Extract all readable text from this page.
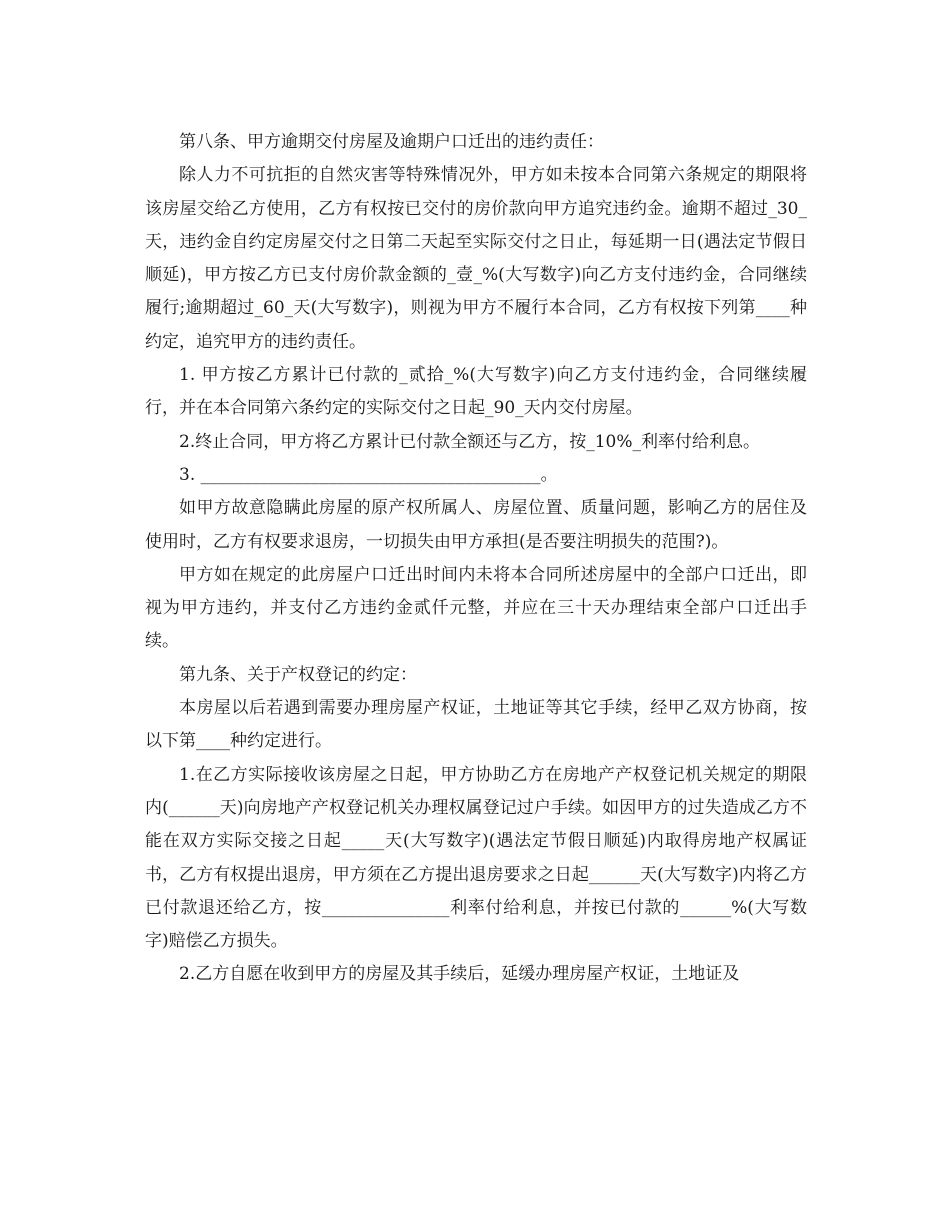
第八条、甲方逾期交付房屋及逾期户口迁出的违约责任：

除人力不可抗拒的自然灾害等特殊情况外，甲方如未按本合同第六条规定的期限将该房屋交给乙方使用，乙方有权按已交付的房价款向甲方追究违约金。逾期不超过_30_天，违约金自约定房屋交付之日第二天起至实际交付之日止，每延期一日(遇法定节假日顺延)，甲方按乙方已支付房价款金额的_壹_%(大写数字)向乙方支付违约金，合同继续履行;逾期超过_60_天(大写数字)，则视为甲方不履行本合同，乙方有权按下列第____种约定，追究甲方的违约责任。

1. 甲方按乙方累计已付款的_贰拾_%(大写数字)向乙方支付违约金，合同继续履行，并在本合同第六条约定的实际交付之日起_90_天内交付房屋。

2.终止合同，甲方将乙方累计已付款全额还与乙方，按_10%_利率付给利息。

3. ________________________________________。

如甲方故意隐瞒此房屋的原产权所属人、房屋位置、质量问题，影响乙方的居住及使用时，乙方有权要求退房，一切损失由甲方承担(是否要注明损失的范围?)。

甲方如在规定的此房屋户口迁出时间内未将本合同所述房屋中的全部户口迁出，即视为甲方违约，并支付乙方违约金贰仟元整，并应在三十天办理结束全部户口迁出手续。

第九条、关于产权登记的约定：

本房屋以后若遇到需要办理房屋产权证，土地证等其它手续，经甲乙双方协商，按以下第____种约定进行。

1.在乙方实际接收该房屋之日起，甲方协助乙方在房地产产权登记机关规定的期限内(______天)向房地产产权登记机关办理权属登记过户手续。如因甲方的过失造成乙方不能在双方实际交接之日起_____天(大写数字)(遇法定节假日顺延)内取得房地产权属证书，乙方有权提出退房，甲方须在乙方提出退房要求之日起______天(大写数字)内将乙方已付款退还给乙方，按_______________利率付给利息，并按已付款的______%(大写数字)赔偿乙方损失。

2.乙方自愿在收到甲方的房屋及其手续后，延缓办理房屋产权证，土地证及
